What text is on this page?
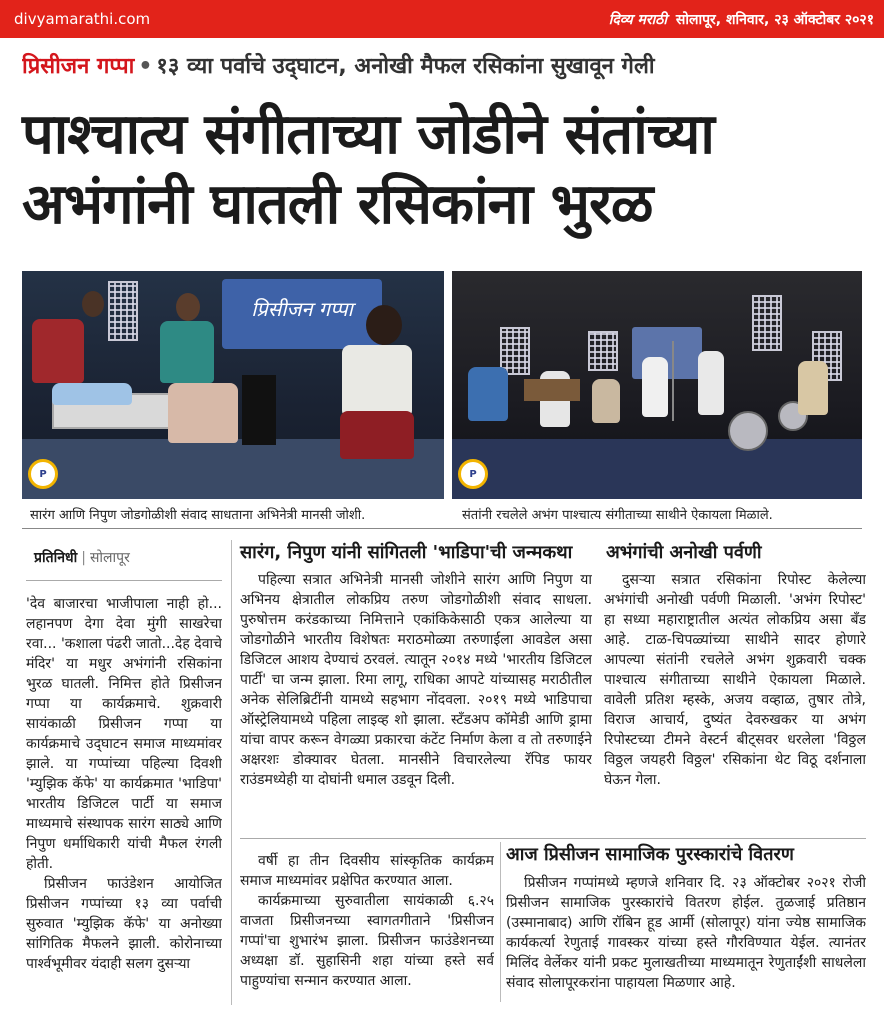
divyamarathi.com	दिव्य मराठी सोलापूर, शनिवार, २३ ऑक्टोबर २०२१
प्रिसीजन गप्पा • १३ व्या पर्वाचे उद्‌घाटन, अनोखी मैफल रसिकांना सुखावून गेली
पाश्चात्य संगीताच्या जोडीने संतांच्या
अभंगांनी घातली रसिकांना भुरळ
प्रिसीजन गप्पा
P	P
सारंग आणि निपुण जोडगोळीशी संवाद साधताना अभिनेत्री मानसी जोशी.	संतांनी रचलेले अभंग पाश्चात्य संगीताच्या साथीने ऐकायला मिळाले.
प्रतिनिधी | सोलापूर

'देव बाजारचा भाजीपाला नाही हो... लहानपण देगा देवा मुंगी साखरेचा रवा... 'कशाला पंढरी जातो...देह देवाचे मंदिर' या मधुर अभंगांनी रसिकांना भुरळ घातली. निमित्त होते प्रिसीजन गप्पा या कार्यक्रमाचे. शुक्रवारी सायंकाळी प्रिसीजन गप्पा या कार्यक्रमाचे उद्‌घाटन समाज माध्यमांवर झाले. या गप्पांच्या पहिल्या दिवशी 'म्युझिक कॅफे' या कार्यक्रमात 'भाडिपा' भारतीय डिजिटल पार्टी या समाज माध्यमाचे संस्थापक सारंग साठ्ये आणि निपुण धर्माधिकारी यांची मैफल रंगली होती.

प्रिसीजन फाउंडेशन आयोजित प्रिसीजन गप्पांच्या १३ व्या पर्वाची सुरुवात 'म्युझिक कॅफे' या अनोख्या सांगितिक मैफलने झाली. कोरोनाच्या पार्श्वभूमीवर यंदाही सलग दुसऱ्या

सारंग, निपुण यांनी सांगितली 'भाडिपा'ची जन्मकथा

पहिल्या सत्रात अभिनेत्री मानसी जोशीने सारंग आणि निपुण या अभिनय क्षेत्रातील लोकप्रिय तरुण जोडगोळीशी संवाद साधला. पुरुषोत्तम करंडकाच्या निमित्ताने एकांकिकेसाठी एकत्र आलेल्या या जोडगोळीने भारतीय विशेषतः मराठमोळ्या तरुणाईला आवडेल असा डिजिटल आशय देण्याचं ठरवलं. त्यातून २०१४ मध्ये 'भारतीय डिजिटल पार्टी' चा जन्म झाला. रिमा लागू, राधिका आपटे यांच्यासह मराठीतील अनेक सेलिब्रिटींनी यामध्ये सहभाग नोंदवला. २०१९ मध्ये भाडिपाचा ऑस्ट्रेलियामध्ये पहिला लाइव्ह शो झाला. स्टँडअप कॉमेडी आणि ड्रामा यांचा वापर करून वेगळ्या प्रकारचा कंटेंट निर्माण केला व तो तरुणाईने अक्षरशः डोक्यावर घेतला. मानसीने विचारलेल्या रॅपिड फायर राउंडमध्येही या दोघांनी धमाल उडवून दिली.

अभंगांची अनोखी पर्वणी

दुसऱ्या सत्रात रसिकांना रिपोस्ट केलेल्या अभंगांची अनोखी पर्वणी मिळाली. 'अभंग रिपोस्ट' हा सध्या महाराष्ट्रातील अत्यंत लोकप्रिय असा बँड आहे. टाळ-चिपळ्यांच्या साथीने सादर होणारे आपल्या संतांनी रचलेले अभंग शुक्रवारी चक्क पाश्चात्य संगीताच्या साथीने ऐकायला मिळाले. वावेली प्रतिश म्हस्के, अजय वव्हाळ, तुषार तोत्रे, विराज आचार्य, दुष्यंत देवरुखकर या अभंग रिपोस्टच्या टीमने वेस्टर्न बीट्सवर धरलेला 'विठ्ठल विठ्ठल जयहरी विठ्ठल' रसिकांना थेट विठू दर्शनाला घेऊन गेला.

वर्षी हा तीन दिवसीय सांस्कृतिक कार्यक्रम समाज माध्यमांवर प्रक्षेपित करण्यात आला.

कार्यक्रमाच्या सुरुवातीला सायंकाळी ६.२५ वाजता प्रिसीजनच्या स्वागतगीताने 'प्रिसीजन गप्पां'चा शुभारंभ झाला. प्रिसीजन फाउंडेशनच्या अध्यक्षा डॉ. सुहासिनी शहा यांच्या हस्ते सर्व पाहुण्यांचा सन्मान करण्यात आला.

आज प्रिसीजन सामाजिक पुरस्कारांचे वितरण

प्रिसीजन गप्पांमध्ये म्हणजे शनिवार दि. २३ ऑक्टोबर २०२१ रोजी प्रिसीजन सामाजिक पुरस्कारांचे वितरण होईल. तुळजाई प्रतिष्ठान (उस्मानाबाद) आणि रॉबिन हूड आर्मी (सोलापूर) यांना ज्येष्ठ सामाजिक कार्यकर्त्या रेणुताई गावस्कर यांच्या हस्ते गौरविण्यात येईल. त्यानंतर मिलिंद वेर्लेकर यांनी प्रकट मुलाखतीच्या माध्यमातून रेणुताईंशी साधलेला संवाद सोलापूरकरांना पाहायला मिळणार आहे.
